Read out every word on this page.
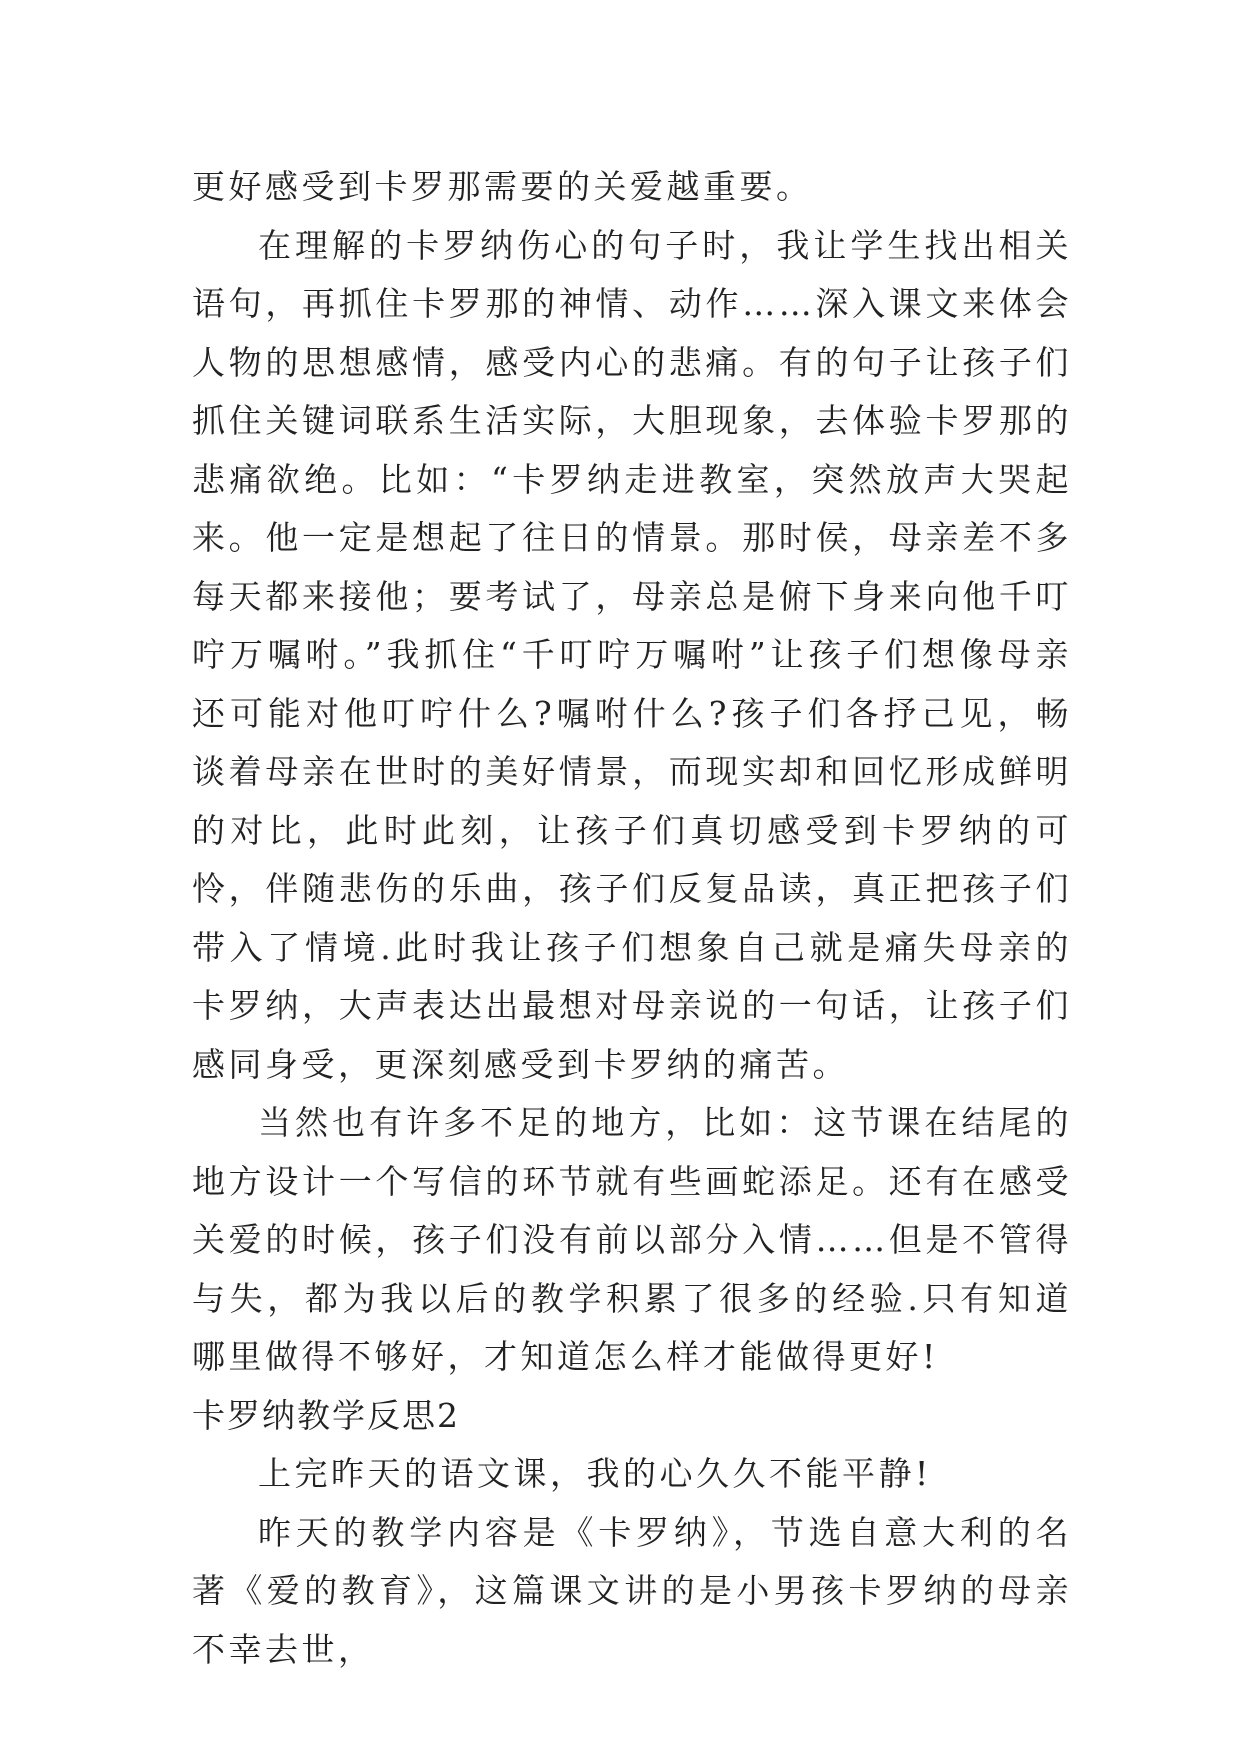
更好感受到卡罗那需要的关爱越重要。

在理解的卡罗纳伤心的句子时，我让学生找出相关语句，再抓住卡罗那的神情、动作……深入课文来体会人物的思想感情，感受内心的悲痛。有的句子让孩子们抓住关键词联系生活实际，大胆现象，去体验卡罗那的悲痛欲绝。比如：“卡罗纳走进教室，突然放声大哭起来。他一定是想起了往日的情景。那时侯，母亲差不多每天都来接他；要考试了，母亲总是俯下身来向他千叮咛万嘱咐。”我抓住“千叮咛万嘱咐”让孩子们想像母亲还可能对他叮咛什么?嘱咐什么?孩子们各抒己见，畅谈着母亲在世时的美好情景，而现实却和回忆形成鲜明的对比，此时此刻，让孩子们真切感受到卡罗纳的可怜，伴随悲伤的乐曲，孩子们反复品读，真正把孩子们带入了情境.此时我让孩子们想象自己就是痛失母亲的卡罗纳，大声表达出最想对母亲说的一句话，让孩子们感同身受，更深刻感受到卡罗纳的痛苦。

当然也有许多不足的地方，比如：这节课在结尾的地方设计一个写信的环节就有些画蛇添足。还有在感受关爱的时候，孩子们没有前以部分入情……但是不管得与失，都为我以后的教学积累了很多的经验.只有知道哪里做得不够好，才知道怎么样才能做得更好!

卡罗纳教学反思2

上完昨天的语文课，我的心久久不能平静!

昨天的教学内容是《卡罗纳》，节选自意大利的名著《爱的教育》，这篇课文讲的是小男孩卡罗纳的母亲不幸去世，
